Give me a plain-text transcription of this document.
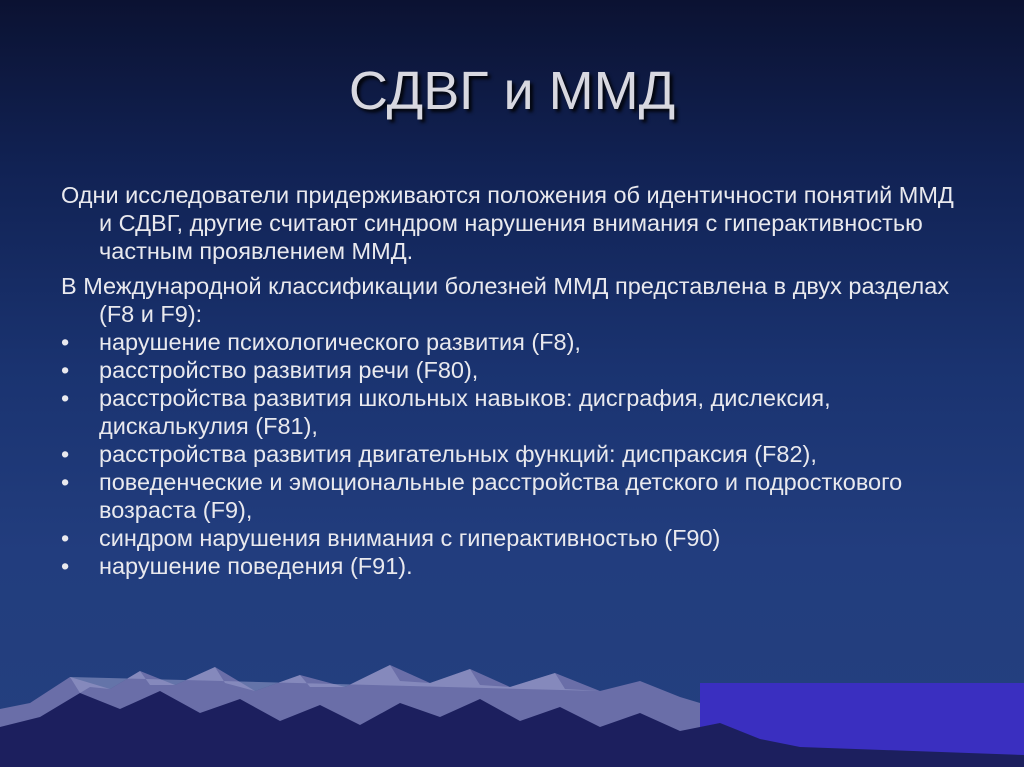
СДВГ и ММД

Одни исследователи придерживаются положения об идентичности понятий ММД и СДВГ, другие считают синдром нарушения внимания с гиперактивностью частным проявлением ММД.

В Международной классификации болезней ММД представлена в двух разделах (F8 и F9):

•	нарушение психологического развития (F8),
•	расстройство развития речи (F80),
•	расстройства развития школьных навыков: дисграфия, дислексия, дискалькулия (F81),
•	расстройства развития двигательных функций: диспраксия (F82),
•	поведенческие и эмоциональные расстройства детского и подросткового возраста (F9),
•	синдром нарушения внимания с гиперактивностью (F90)
•	нарушение поведения (F91).
